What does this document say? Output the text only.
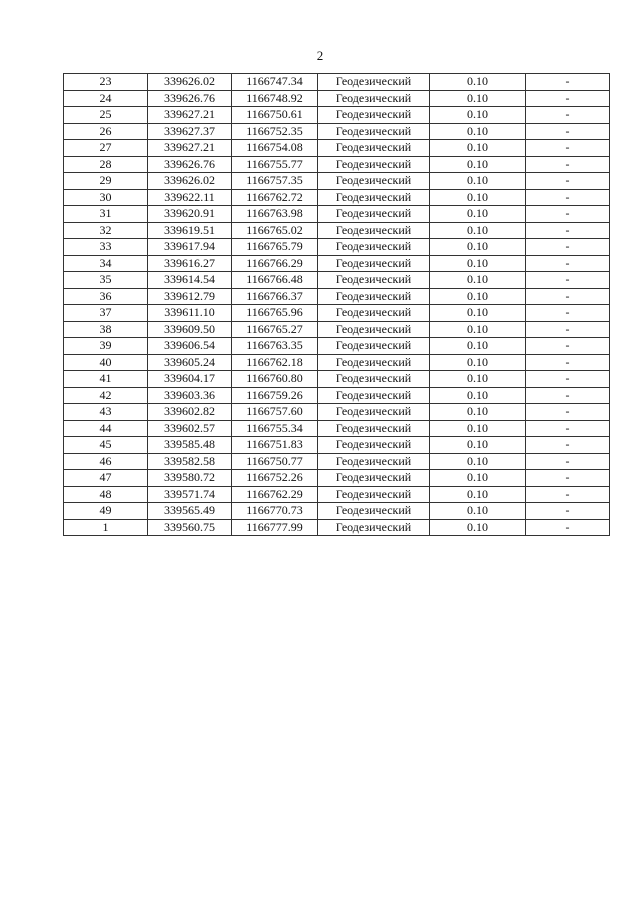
2
23	339626.02	1166747.34	Геодезический	0.10	-
24	339626.76	1166748.92	Геодезический	0.10	-
25	339627.21	1166750.61	Геодезический	0.10	-
26	339627.37	1166752.35	Геодезический	0.10	-
27	339627.21	1166754.08	Геодезический	0.10	-
28	339626.76	1166755.77	Геодезический	0.10	-
29	339626.02	1166757.35	Геодезический	0.10	-
30	339622.11	1166762.72	Геодезический	0.10	-
31	339620.91	1166763.98	Геодезический	0.10	-
32	339619.51	1166765.02	Геодезический	0.10	-
33	339617.94	1166765.79	Геодезический	0.10	-
34	339616.27	1166766.29	Геодезический	0.10	-
35	339614.54	1166766.48	Геодезический	0.10	-
36	339612.79	1166766.37	Геодезический	0.10	-
37	339611.10	1166765.96	Геодезический	0.10	-
38	339609.50	1166765.27	Геодезический	0.10	-
39	339606.54	1166763.35	Геодезический	0.10	-
40	339605.24	1166762.18	Геодезический	0.10	-
41	339604.17	1166760.80	Геодезический	0.10	-
42	339603.36	1166759.26	Геодезический	0.10	-
43	339602.82	1166757.60	Геодезический	0.10	-
44	339602.57	1166755.34	Геодезический	0.10	-
45	339585.48	1166751.83	Геодезический	0.10	-
46	339582.58	1166750.77	Геодезический	0.10	-
47	339580.72	1166752.26	Геодезический	0.10	-
48	339571.74	1166762.29	Геодезический	0.10	-
49	339565.49	1166770.73	Геодезический	0.10	-
1	339560.75	1166777.99	Геодезический	0.10	-
